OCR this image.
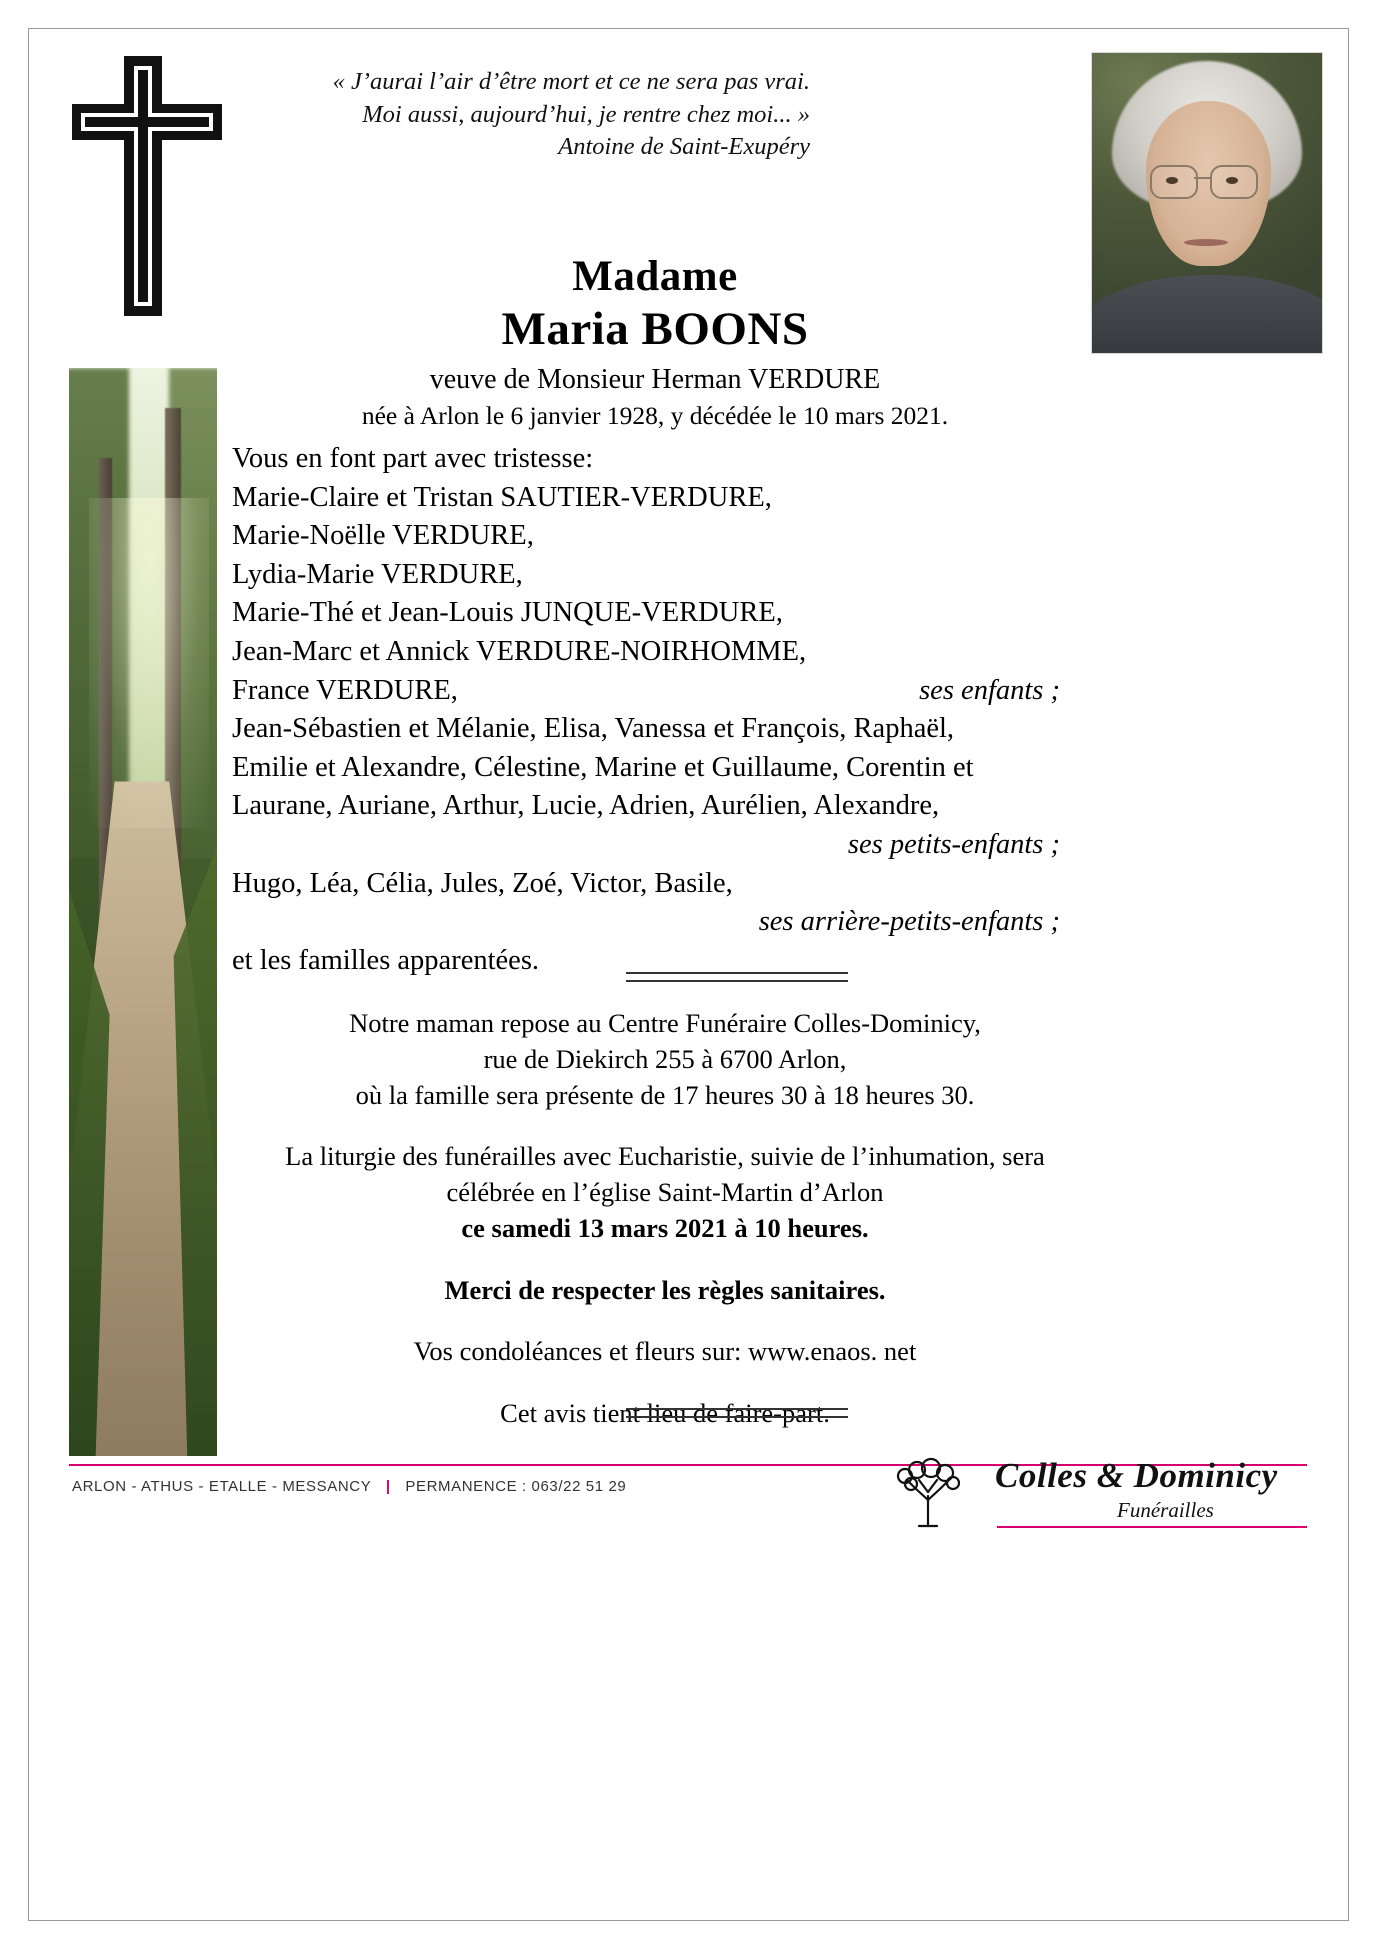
« J’aurai l’air d’être mort et ce ne sera pas vrai.
Moi aussi, aujourd’hui, je rentre chez moi... »
Antoine de Saint-Exupéry
Madame
Maria BOONS
veuve de Monsieur Herman VERDURE
née à Arlon le 6 janvier 1928, y décédée le 10 mars 2021.
Vous en font part avec tristesse:
Marie-Claire et Tristan SAUTIER-VERDURE,
Marie-Noëlle VERDURE,
Lydia-Marie VERDURE,
Marie-Thé et Jean-Louis JUNQUE-VERDURE,
Jean-Marc et Annick VERDURE-NOIRHOMME,
ses enfants ;
France VERDURE,
Jean-Sébastien et Mélanie, Elisa, Vanessa et François, Raphaël,
Emilie et Alexandre, Célestine, Marine et Guillaume, Corentin et
Laurane, Auriane, Arthur, Lucie, Adrien, Aurélien, Alexandre,
ses petits-enfants ;
Hugo, Léa, Célia, Jules, Zoé, Victor, Basile,
ses arrière-petits-enfants ;
et les familles apparentées.

Notre maman repose au Centre Funéraire Colles-Dominicy,

rue de Diekirch 255 à 6700 Arlon,

où la famille sera présente de 17 heures 30 à 18 heures 30.

La liturgie des funérailles avec Eucharistie, suivie de l’inhumation, sera

célébrée en l’église Saint-Martin d’Arlon

ce samedi 13 mars 2021 à 10 heures.

Merci de respecter les règles sanitaires.

Vos condoléances et fleurs sur: www.enaos. net

Cet avis tient lieu de faire-part.

ARLON - ATHUS - ETALLE - MESSANCY | PERMANENCE : 063/22 51 29	Colles & Dominicy
Funérailles
